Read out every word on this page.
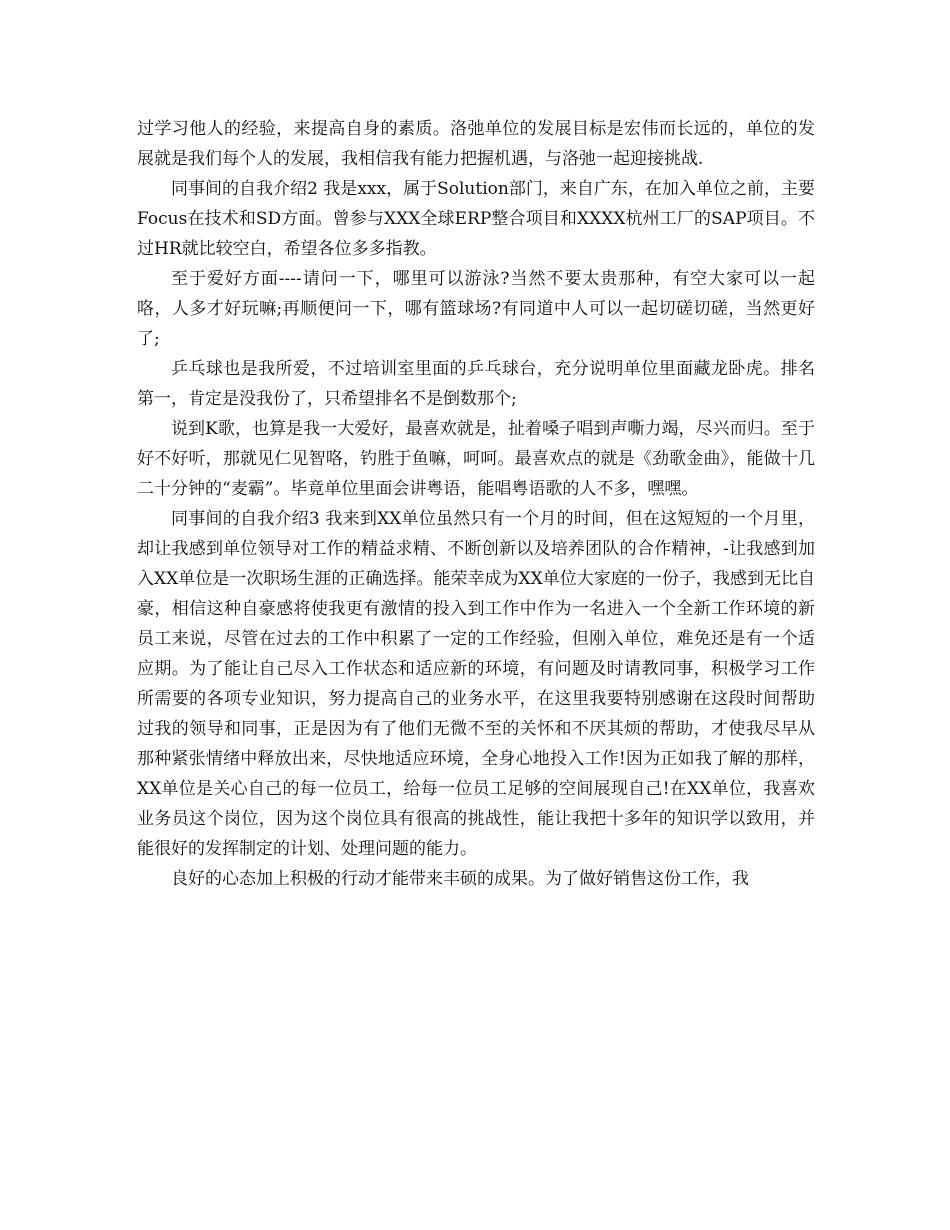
过学习他人的经验，来提高自身的素质。洛弛单位的发展目标是宏伟而长远的，单位的发展就是我们每个人的发展，我相信我有能力把握机遇，与洛弛一起迎接挑战.

同事间的自我介绍2 我是xxx，属于Solution部门，来自广东，在加入单位之前，主要Focus在技术和SD方面。曾参与XXX全球ERP整合项目和XXXX杭州工厂的SAP项目。不过HR就比较空白，希望各位多多指教。

至于爱好方面----请问一下，哪里可以游泳?当然不要太贵那种，有空大家可以一起咯，人多才好玩嘛;再顺便问一下，哪有篮球场?有同道中人可以一起切磋切磋，当然更好了;

乒乓球也是我所爱，不过培训室里面的乒乓球台，充分说明单位里面藏龙卧虎。排名第一，肯定是没我份了，只希望排名不是倒数那个;

说到K歌，也算是我一大爱好，最喜欢就是，扯着嗓子唱到声嘶力竭，尽兴而归。至于好不好听，那就见仁见智咯，钓胜于鱼嘛，呵呵。最喜欢点的就是《劲歌金曲》，能做十几二十分钟的“麦霸”。毕竟单位里面会讲粤语，能唱粤语歌的人不多，嘿嘿。

同事间的自我介绍3 我来到XX单位虽然只有一个月的时间，但在这短短的一个月里，却让我感到单位领导对工作的精益求精、不断创新以及培养团队的合作精神，-让我感到加入XX单位是一次职场生涯的正确选择。能荣幸成为XX单位大家庭的一份子，我感到无比自豪，相信这种自豪感将使我更有激情的投入到工作中作为一名进入一个全新工作环境的新员工来说，尽管在过去的工作中积累了一定的工作经验，但刚入单位，难免还是有一个适应期。为了能让自己尽入工作状态和适应新的环境，有问题及时请教同事，积极学习工作所需要的各项专业知识，努力提高自己的业务水平，在这里我要特别感谢在这段时间帮助过我的领导和同事，正是因为有了他们无微不至的关怀和不厌其烦的帮助，才使我尽早从那种紧张情绪中释放出来，尽快地适应环境，全身心地投入工作!因为正如我了解的那样，XX单位是关心自己的每一位员工，给每一位员工足够的空间展现自己!在XX单位，我喜欢业务员这个岗位，因为这个岗位具有很高的挑战性，能让我把十多年的知识学以致用，并能很好的发挥制定的计划、处理问题的能力。

良好的心态加上积极的行动才能带来丰硕的成果。为了做好销售这份工作，我
